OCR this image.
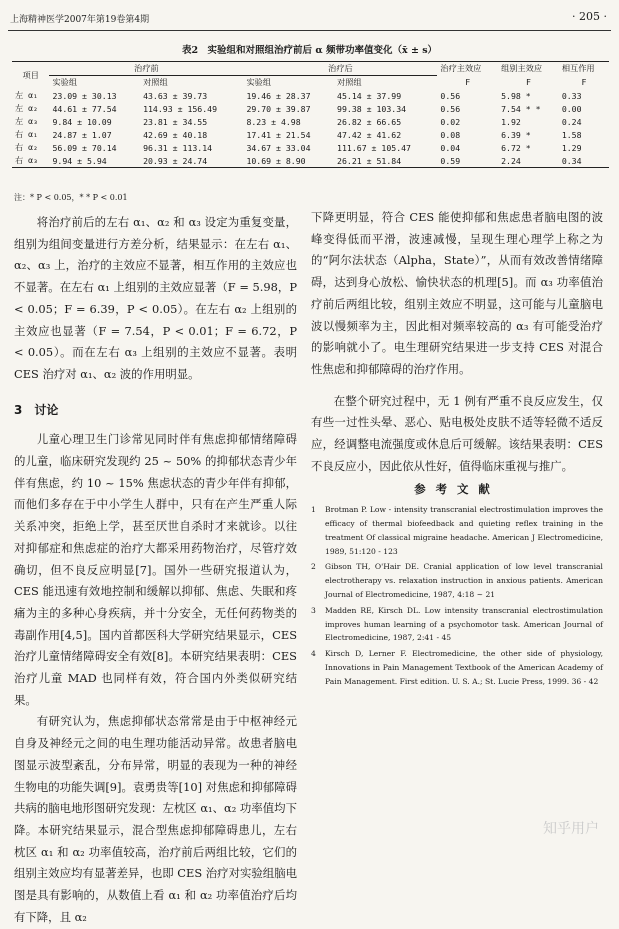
上海精神医学2007年第19卷第4期	· 205 ·
表2　实验组和对照组治疗前后 α 频带功率值变化（x̄ ± s）
项目	治疗前		治疗后		治疗主效应	组别主效应	相互作用
	实验组	对照组	实验组	对照组	F	F	F

左 α₁	23.09 ± 30.13	43.63 ± 39.73	19.46 ± 28.37	45.14 ± 37.99	0.56	5.98 *	0.33
左 α₂	44.61 ± 77.54	114.93 ± 156.49	29.70 ± 39.87	99.38 ± 103.34	0.56	7.54 * *	0.00
左 α₃	9.84 ± 10.09	23.81 ± 34.55	8.23 ± 4.98	26.82 ± 66.65	0.02	1.92	0.24
右 α₁	24.87 ± 1.07	42.69 ± 40.18	17.41 ± 21.54	47.42 ± 41.62	0.08	6.39 *	1.58
右 α₂	56.09 ± 70.14	96.31 ± 113.14	34.67 ± 33.04	111.67 ± 105.47	0.04	6.72 *	1.29
右 α₃	9.94 ± 5.94	20.93 ± 24.74	10.69 ± 8.90	26.21 ± 51.84	0.59	2.24	0.34
注：* P < 0.05，* * P < 0.01

将治疗前后的左右 α₁、α₂ 和 α₃ 设定为重复变量，组别为组间变量进行方差分析，结果显示：在左右 α₁、α₂、α₃ 上，治疗的主效应不显著，相互作用的主效应也不显著。在左右 α₁ 上组别的主效应显著（F = 5.98，P < 0.05；F = 6.39，P < 0.05）。在左右 α₂ 上组别的主效应也显著（F = 7.54，P < 0.01；F = 6.72，P < 0.05）。而在左右 α₃ 上组别的主效应不显著。表明 CES 治疗对 α₁、α₂ 波的作用明显。

3　讨论

儿童心理卫生门诊常见同时伴有焦虑抑郁情绪障碍的儿童，临床研究发现约 25 ~ 50% 的抑郁状态青少年伴有焦虑，约 10 ~ 15% 焦虑状态的青少年伴有抑郁，而他们多存在于中小学生人群中，只有在产生严重人际关系冲突，拒绝上学，甚至厌世自杀时才来就诊。以往对抑郁症和焦虑症的治疗大都采用药物治疗，尽管疗效确切，但不良反应明显[7]。国外一些研究报道认为，CES 能迅速有效地控制和缓解以抑郁、焦虑、失眠和疼痛为主的多种心身疾病，并十分安全，无任何药物类的毒副作用[4,5]。国内首都医科大学研究结果显示，CES 治疗儿童情绪障碍安全有效[8]。本研究结果表明：CES 治疗儿童 MAD 也同样有效，符合国内外类似研究结果。

有研究认为，焦虑抑郁状态常常是由于中枢神经元自身及神经元之间的电生理功能活动异常。故患者脑电图显示波型紊乱，分布异常，明显的表现为一种的神经生物电的功能失调[9]。袁勇贵等[10] 对焦虑和抑郁障碍共病的脑电地形图研究发现：左枕区 α₁、α₂ 功率值均下降。本研究结果显示，混合型焦虑抑郁障碍患儿，左右枕区 α₁ 和 α₂ 功率值较高，治疗前后两组比较，它们的组别主效应均有显著差异，也即 CES 治疗对实验组脑电图是具有影响的，从数值上看 α₁ 和 α₂ 功率值治疗后均有下降，且 α₂

下降更明显，符合 CES 能使抑郁和焦虑患者脑电图的波峰变得低而平滑，波速减慢，呈现生理心理学上称之为的“阿尔法状态（Alpha，State）”，从而有效改善情绪障碍，达到身心放松、愉快状态的机理[5]。而 α₃ 功率值治疗前后两组比较，组别主效应不明显，这可能与儿童脑电波以慢频率为主，因此相对频率较高的 α₃ 有可能受治疗的影响就小了。电生理研究结果进一步支持 CES 对混合性焦虑和抑郁障碍的治疗作用。

在整个研究过程中，无 1 例有严重不良反应发生，仅有些一过性头晕、恶心、贴电极处皮肤不适等轻微不适反应，经调整电流强度或休息后可缓解。该结果表明：CES 不良反应小，因此依从性好，值得临床重视与推广。

参考文献
1	Brotman P. Low - intensity transcranial electrostimulation improves the efficacy of thermal biofeedback and quieting reflex training in the treatment Of classical migraine headache. American J Electromedicine, 1989, 51:120 - 123
2	Gibson TH, O'Hair DE. Cranial application of low level transcranial electrotherapy vs. relaxation instruction in anxious patients. American Journal of Electromedicine, 1987, 4:18 ~ 21
3	Madden RE, Kirsch DL. Low intensity transcranial electrostimulation improves human learning of a psychomotor task. American Journal of Electromedicine, 1987, 2:41 - 45
4	Kirsch D, Lerner F. Electromedicine, the other side of physiology, Innovations in Pain Management Textbook of the American Academy of Pain Management. First edition. U. S. A.; St. Lucie Press, 1999. 36 - 42
知乎用户
